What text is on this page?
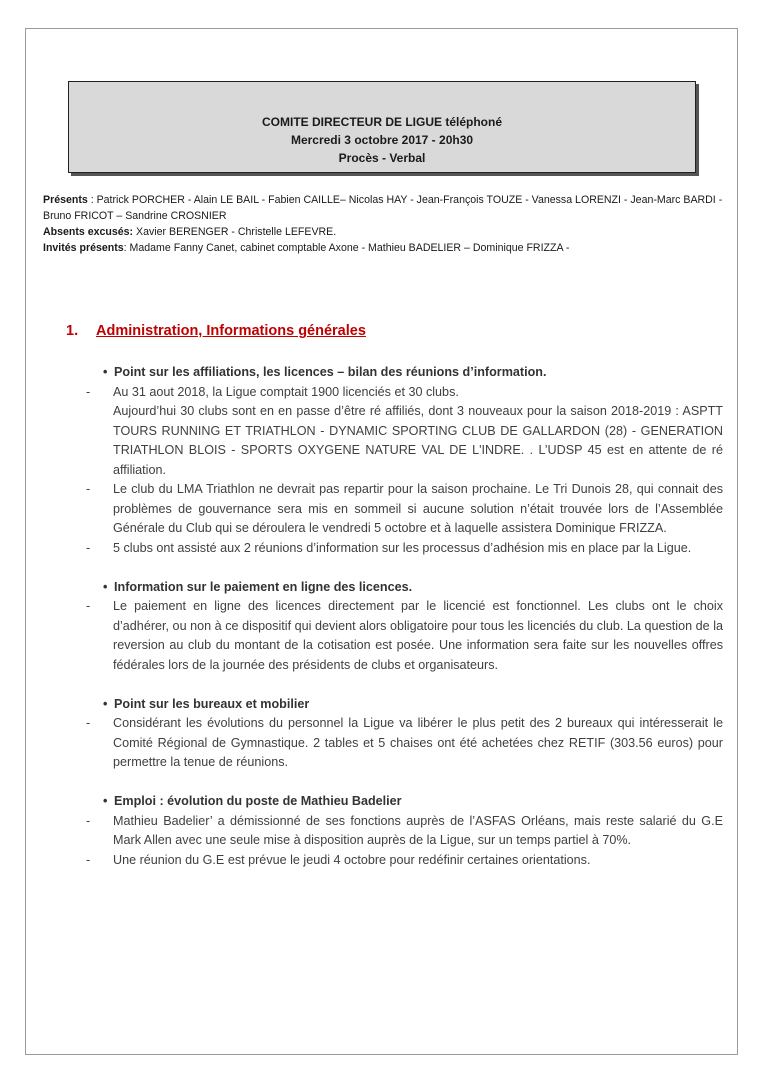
COMITE DIRECTEUR DE LIGUE téléphoné
Mercredi 3 octobre 2017 - 20h30
Procès - Verbal
Présents : Patrick PORCHER - Alain LE BAIL - Fabien CAILLE– Nicolas HAY - Jean-François TOUZE - Vanessa LORENZI - Jean-Marc BARDI - Bruno FRICOT – Sandrine CROSNIER
Absents excusés: Xavier BERENGER - Christelle LEFEVRE.
Invités présents: Madame Fanny Canet, cabinet comptable Axone - Mathieu BADELIER – Dominique FRIZZA -
1. Administration, Informations générales
• Point sur les affiliations, les licences – bilan des réunions d’information.
- Au 31 aout 2018, la Ligue comptait 1900 licenciés et 30 clubs.

Aujourd’hui 30 clubs sont en en passe d’être ré affiliés, dont 3 nouveaux pour la saison 2018-2019 : ASPTT TOURS RUNNING ET TRIATHLON - DYNAMIC SPORTING CLUB DE GALLARDON (28) - GENERATION TRIATHLON BLOIS - SPORTS OXYGENE NATURE VAL DE L'INDRE. . L’UDSP 45 est en attente de ré affiliation.

- Le club du LMA Triathlon ne devrait pas repartir pour la saison prochaine. Le Tri Dunois 28, qui connait des problèmes de gouvernance sera mis en sommeil si aucune solution n’était trouvée lors de l’Assemblée Générale du Club qui se déroulera le vendredi 5 octobre et à laquelle assistera Dominique FRIZZA.

- 5 clubs ont assisté aux 2 réunions d’information sur les processus d’adhésion mis en place par la Ligue.

• Information sur le paiement en ligne des licences.
- Le paiement en ligne des licences directement par le licencié est fonctionnel. Les clubs ont le choix d’adhérer, ou non à ce dispositif qui devient alors obligatoire pour tous les licenciés du club. La question de la reversion au club du montant de la cotisation est posée. Une information sera faite sur les nouvelles offres fédérales lors de la journée des présidents de clubs et organisateurs.

• Point sur les bureaux et mobilier
- Considérant les évolutions du personnel la Ligue va libérer le plus petit des 2 bureaux qui intéresserait le Comité Régional de Gymnastique. 2 tables et 5 chaises ont été achetées chez RETIF (303.56 euros) pour permettre la tenue de réunions.

• Emploi : évolution du poste de Mathieu Badelier
- Mathieu Badelier’ a démissionné de ses fonctions auprès de l’ASFAS Orléans, mais reste salarié du G.E Mark Allen avec une seule mise à disposition auprès de la Ligue, sur un temps partiel à 70%.

- Une réunion du G.E est prévue le jeudi 4 octobre pour redéfinir certaines orientations.
